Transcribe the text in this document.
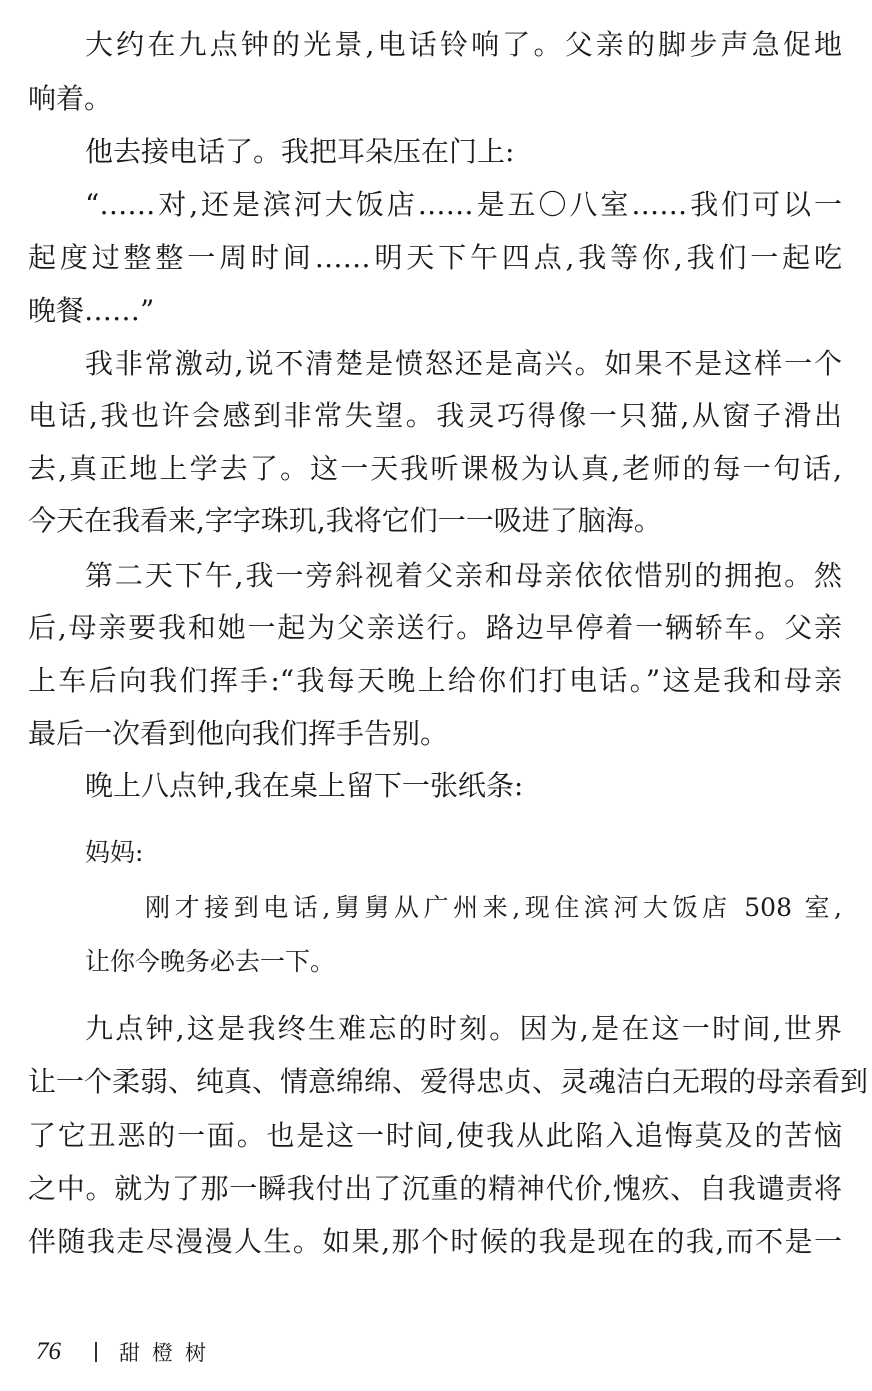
大约在九点钟的光景,电话铃响了。父亲的脚步声急促地
响着。
他去接电话了。我把耳朵压在门上:
“……对,还是滨河大饭店……是五〇八室……我们可以一
起度过整整一周时间……明天下午四点,我等你,我们一起吃
晚餐……”
我非常激动,说不清楚是愤怒还是高兴。如果不是这样一个
电话,我也许会感到非常失望。我灵巧得像一只猫,从窗子滑出
去,真正地上学去了。这一天我听课极为认真,老师的每一句话,
今天在我看来,字字珠玑,我将它们一一吸进了脑海。
第二天下午,我一旁斜视着父亲和母亲依依惜别的拥抱。然
后,母亲要我和她一起为父亲送行。路边早停着一辆轿车。父亲
上车后向我们挥手:“我每天晚上给你们打电话。”这是我和母亲
最后一次看到他向我们挥手告别。
晚上八点钟,我在桌上留下一张纸条:
妈妈:
刚才接到电话,舅舅从广州来,现住滨河大饭店 508 室,
让你今晚务必去一下。
九点钟,这是我终生难忘的时刻。因为,是在这一时间,世界
让一个柔弱、纯真、情意绵绵、爱得忠贞、灵魂洁白无瑕的母亲看到
了它丑恶的一面。也是这一时间,使我从此陷入追悔莫及的苦恼
之中。就为了那一瞬我付出了沉重的精神代价,愧疚、自我谴责将
伴随我走尽漫漫人生。如果,那个时候的我是现在的我,而不是一
76	甜橙树
